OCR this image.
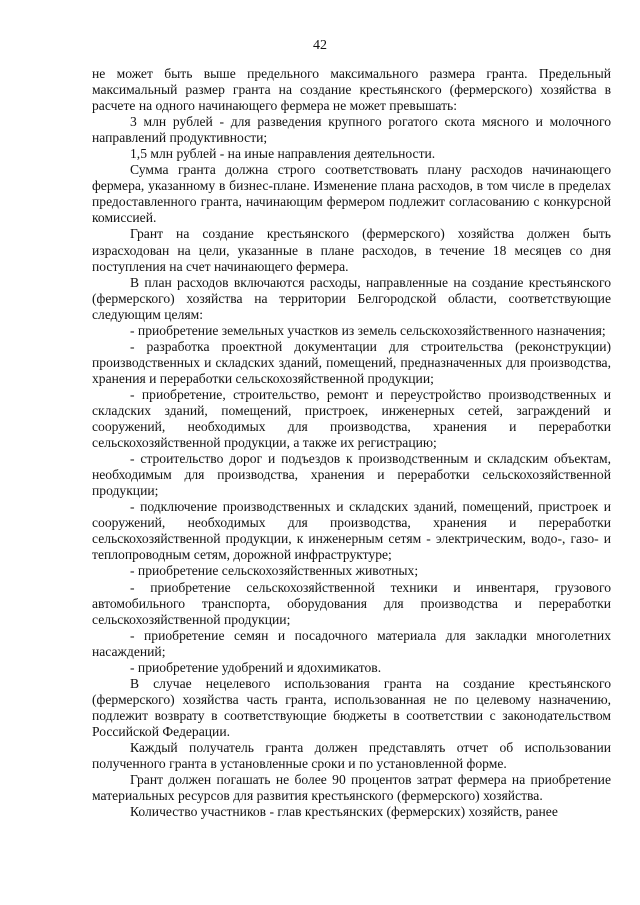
42

не может быть выше предельного максимального размера гранта. Предельный максимальный размер гранта на создание крестьянского (фермерского) хозяйства в расчете на одного начинающего фермера не может превышать:

3 млн рублей - для разведения крупного рогатого скота мясного и молочного направлений продуктивности;

1,5 млн рублей - на иные направления деятельности.

Сумма гранта должна строго соответствовать плану расходов начинающего фермера, указанному в бизнес-плане. Изменение плана расходов, в том числе в пределах предоставленного гранта, начинающим фермером подлежит согласованию с конкурсной комиссией.

Грант на создание крестьянского (фермерского) хозяйства должен быть израсходован на цели, указанные в плане расходов, в течение 18 месяцев со дня поступления на счет начинающего фермера.

В план расходов включаются расходы, направленные на создание крестьянского (фермерского) хозяйства на территории Белгородской области, соответствующие следующим целям:

- приобретение земельных участков из земель сельскохозяйственного назначения;

- разработка проектной документации для строительства (реконструкции) производственных и складских зданий, помещений, предназначенных для производства, хранения и переработки сельскохозяйственной продукции;

- приобретение, строительство, ремонт и переустройство производственных и складских зданий, помещений, пристроек, инженерных сетей, заграждений и сооружений, необходимых для производства, хранения и переработки сельскохозяйственной продукции, а также их регистрацию;

- строительство дорог и подъездов к производственным и складским объектам, необходимым для производства, хранения и переработки сельскохозяйственной продукции;

- подключение производственных и складских зданий, помещений, пристроек и сооружений, необходимых для производства, хранения и переработки сельскохозяйственной продукции, к инженерным сетям - электрическим, водо-, газо- и теплопроводным сетям, дорожной инфраструктуре;

- приобретение сельскохозяйственных животных;

- приобретение сельскохозяйственной техники и инвентаря, грузового автомобильного транспорта, оборудования для производства и переработки сельскохозяйственной продукции;

- приобретение семян и посадочного материала для закладки многолетних насаждений;

- приобретение удобрений и ядохимикатов.

В случае нецелевого использования гранта на создание крестьянского (фермерского) хозяйства часть гранта, использованная не по целевому назначению, подлежит возврату в соответствующие бюджеты в соответствии с законодательством Российской Федерации.

Каждый получатель гранта должен представлять отчет об использовании полученного гранта в установленные сроки и по установленной форме.

Грант должен погашать не более 90 процентов затрат фермера на приобретение материальных ресурсов для развития крестьянского (фермерского) хозяйства.

Количество участников - глав крестьянских (фермерских) хозяйств, ранее
